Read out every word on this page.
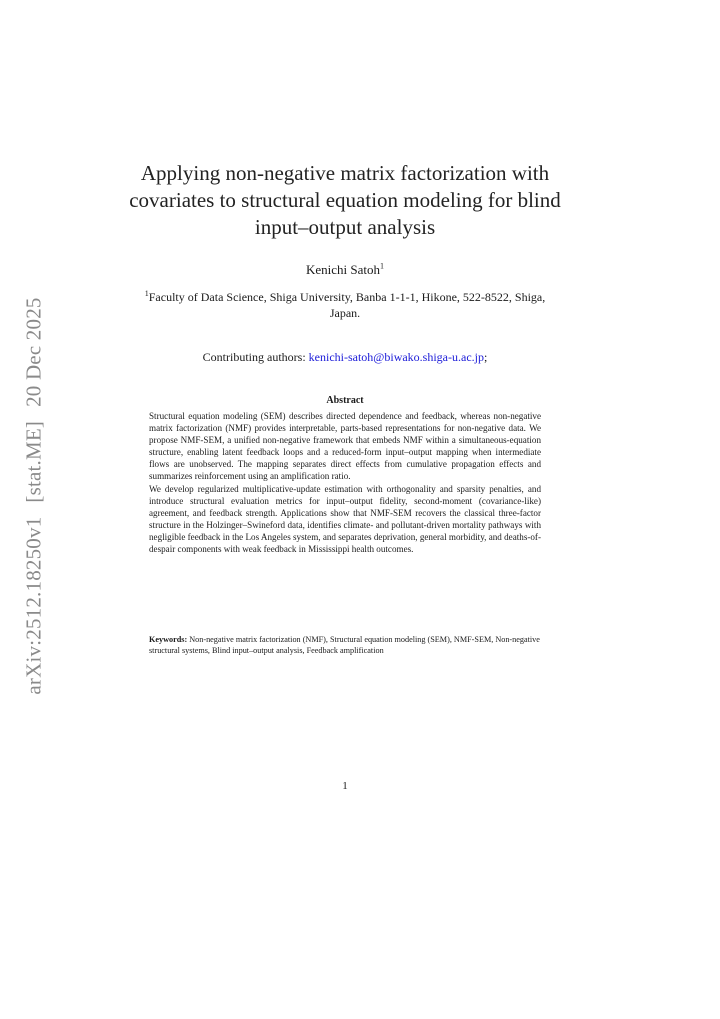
arXiv:2512.18250v1[stat.ME]20 Dec 2025
Applying non-negative matrix factorization with covariates to structural equation modeling for blind input–output analysis
Kenichi Satoh$^1$
$^1$Faculty of Data Science, Shiga University, Banba 1-1-1, Hikone, 522-8522, Shiga, Japan.
Contributing authors: kenichi-satoh@biwako.shiga-u.ac.jp;
Abstract

Structural equation modeling (SEM) describes directed dependence and feedback, whereas non-negative matrix factorization (NMF) provides interpretable, parts-based representations for non-negative data. We propose NMF-SEM, a unified non-negative framework that embeds NMF within a simultaneous-equation structure, enabling latent feedback loops and a reduced-form input–output mapping when intermediate flows are unobserved. The mapping separates direct effects from cumulative propagation effects and summarizes reinforcement using an amplification ratio.

We develop regularized multiplicative-update estimation with orthogonality and sparsity penalties, and introduce structural evaluation metrics for input–output fidelity, second-moment (covariance-like) agreement, and feedback strength. Applications show that NMF-SEM recovers the classical three-factor structure in the Holzinger–Swineford data, identifies climate- and pollutant-driven mortality pathways with negligible feedback in the Los Angeles system, and separates deprivation, general morbidity, and deaths-of-despair components with weak feedback in Mississippi health outcomes.

Keywords: Non-negative matrix factorization (NMF), Structural equation modeling (SEM), NMF-SEM, Non-negative structural systems, Blind input–output analysis, Feedback amplification
1
